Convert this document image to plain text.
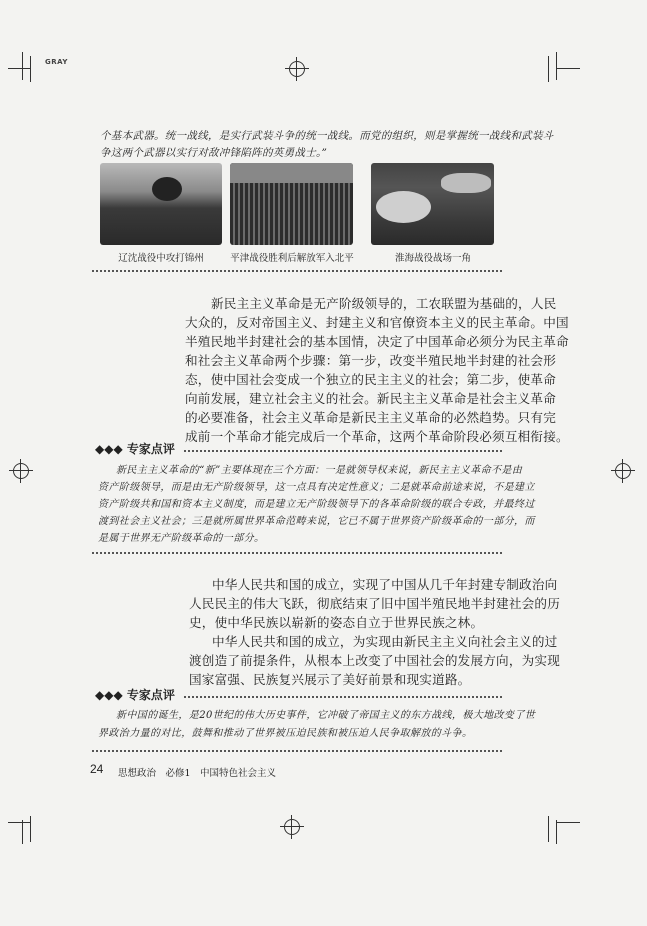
GRAY
个基本武器。统一战线，是实行武装斗争的统一战线。而党的组织，则是掌握统一战线和武装斗
争这两个武器以实行对敌冲锋陷阵的英勇战士。”
辽沈战役中攻打锦州	平津战役胜利后解放军入北平	淮海战役战场一角
新民主主义革命是无产阶级领导的，工农联盟为基础的，人民
大众的，反对帝国主义、封建主义和官僚资本主义的民主革命。中国
半殖民地半封建社会的基本国情，决定了中国革命必须分为民主革命
和社会主义革命两个步骤：第一步，改变半殖民地半封建的社会形
态，使中国社会变成一个独立的民主主义的社会；第二步，使革命
向前发展，建立社会主义的社会。新民主主义革命是社会主义革命
的必要准备，社会主义革命是新民主主义革命的必然趋势。只有完
成前一个革命才能完成后一个革命，这两个革命阶段必须互相衔接。
◆◆◆ 专家点评
新民主主义革命的“新”主要体现在三个方面：一是就领导权来说，新民主主义革命不是由
资产阶级领导，而是由无产阶级领导，这一点具有决定性意义；二是就革命前途来说，不是建立
资产阶级共和国和资本主义制度，而是建立无产阶级领导下的各革命阶级的联合专政，并最终过
渡到社会主义社会；三是就所属世界革命范畴来说，它已不属于世界资产阶级革命的一部分，而
是属于世界无产阶级革命的一部分。
中华人民共和国的成立，实现了中国从几千年封建专制政治向
人民民主的伟大飞跃，彻底结束了旧中国半殖民地半封建社会的历
史，使中华民族以崭新的姿态自立于世界民族之林。
中华人民共和国的成立，为实现由新民主主义向社会主义的过
渡创造了前提条件，从根本上改变了中国社会的发展方向，为实现
国家富强、民族复兴展示了美好前景和现实道路。
◆◆◆ 专家点评
新中国的诞生，是20世纪的伟大历史事件，它冲破了帝国主义的东方战线，极大地改变了世
界政治力量的对比，鼓舞和推动了世界被压迫民族和被压迫人民争取解放的斗争。
24 思想政治　必修1　中国特色社会主义
